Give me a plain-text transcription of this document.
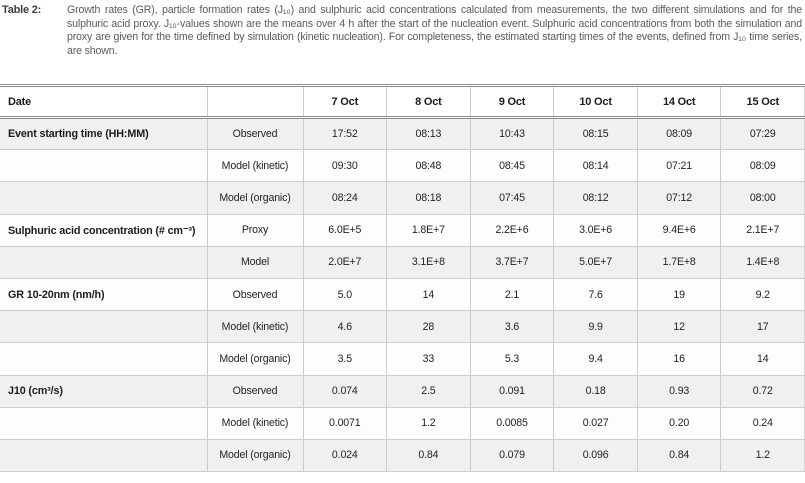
Table 2:	Growth rates (GR), particle formation rates (J₁₀) and sulphuric acid concentrations calculated from measurements, the two different simulations and for the sulphuric acid proxy. J₁₀-values shown are the means over 4 h after the start of the nucleation event. Sulphuric acid concentrations from both the simulation and proxy are given for the time defined by simulation (kinetic nucleation). For completeness, the estimated starting times of the events, defined from J₁₀ time series, are shown.
Date		7 Oct	8 Oct	9 Oct	10 Oct	14 Oct	15 Oct
Event starting time (HH:MM)	Observed	17:52	08:13	10:43	08:15	08:09	07:29
	Model (kinetic)	09:30	08:48	08:45	08:14	07:21	08:09
	Model (organic)	08:24	08:18	07:45	08:12	07:12	08:00
Sulphuric acid concentration (# cm⁻³)	Proxy	6.0E+5	1.8E+7	2.2E+6	3.0E+6	9.4E+6	2.1E+7
	Model	2.0E+7	3.1E+8	3.7E+7	5.0E+7	1.7E+8	1.4E+8
GR 10-20nm (nm/h)	Observed	5.0	14	2.1	7.6	19	9.2
	Model (kinetic)	4.6	28	3.6	9.9	12	17
	Model (organic)	3.5	33	5.3	9.4	16	14
J10 (cm³/s)	Observed	0.074	2.5	0.091	0.18	0.93	0.72
	Model (kinetic)	0.0071	1.2	0.0085	0.027	0.20	0.24
	Model (organic)	0.024	0.84	0.079	0.096	0.84	1.2
